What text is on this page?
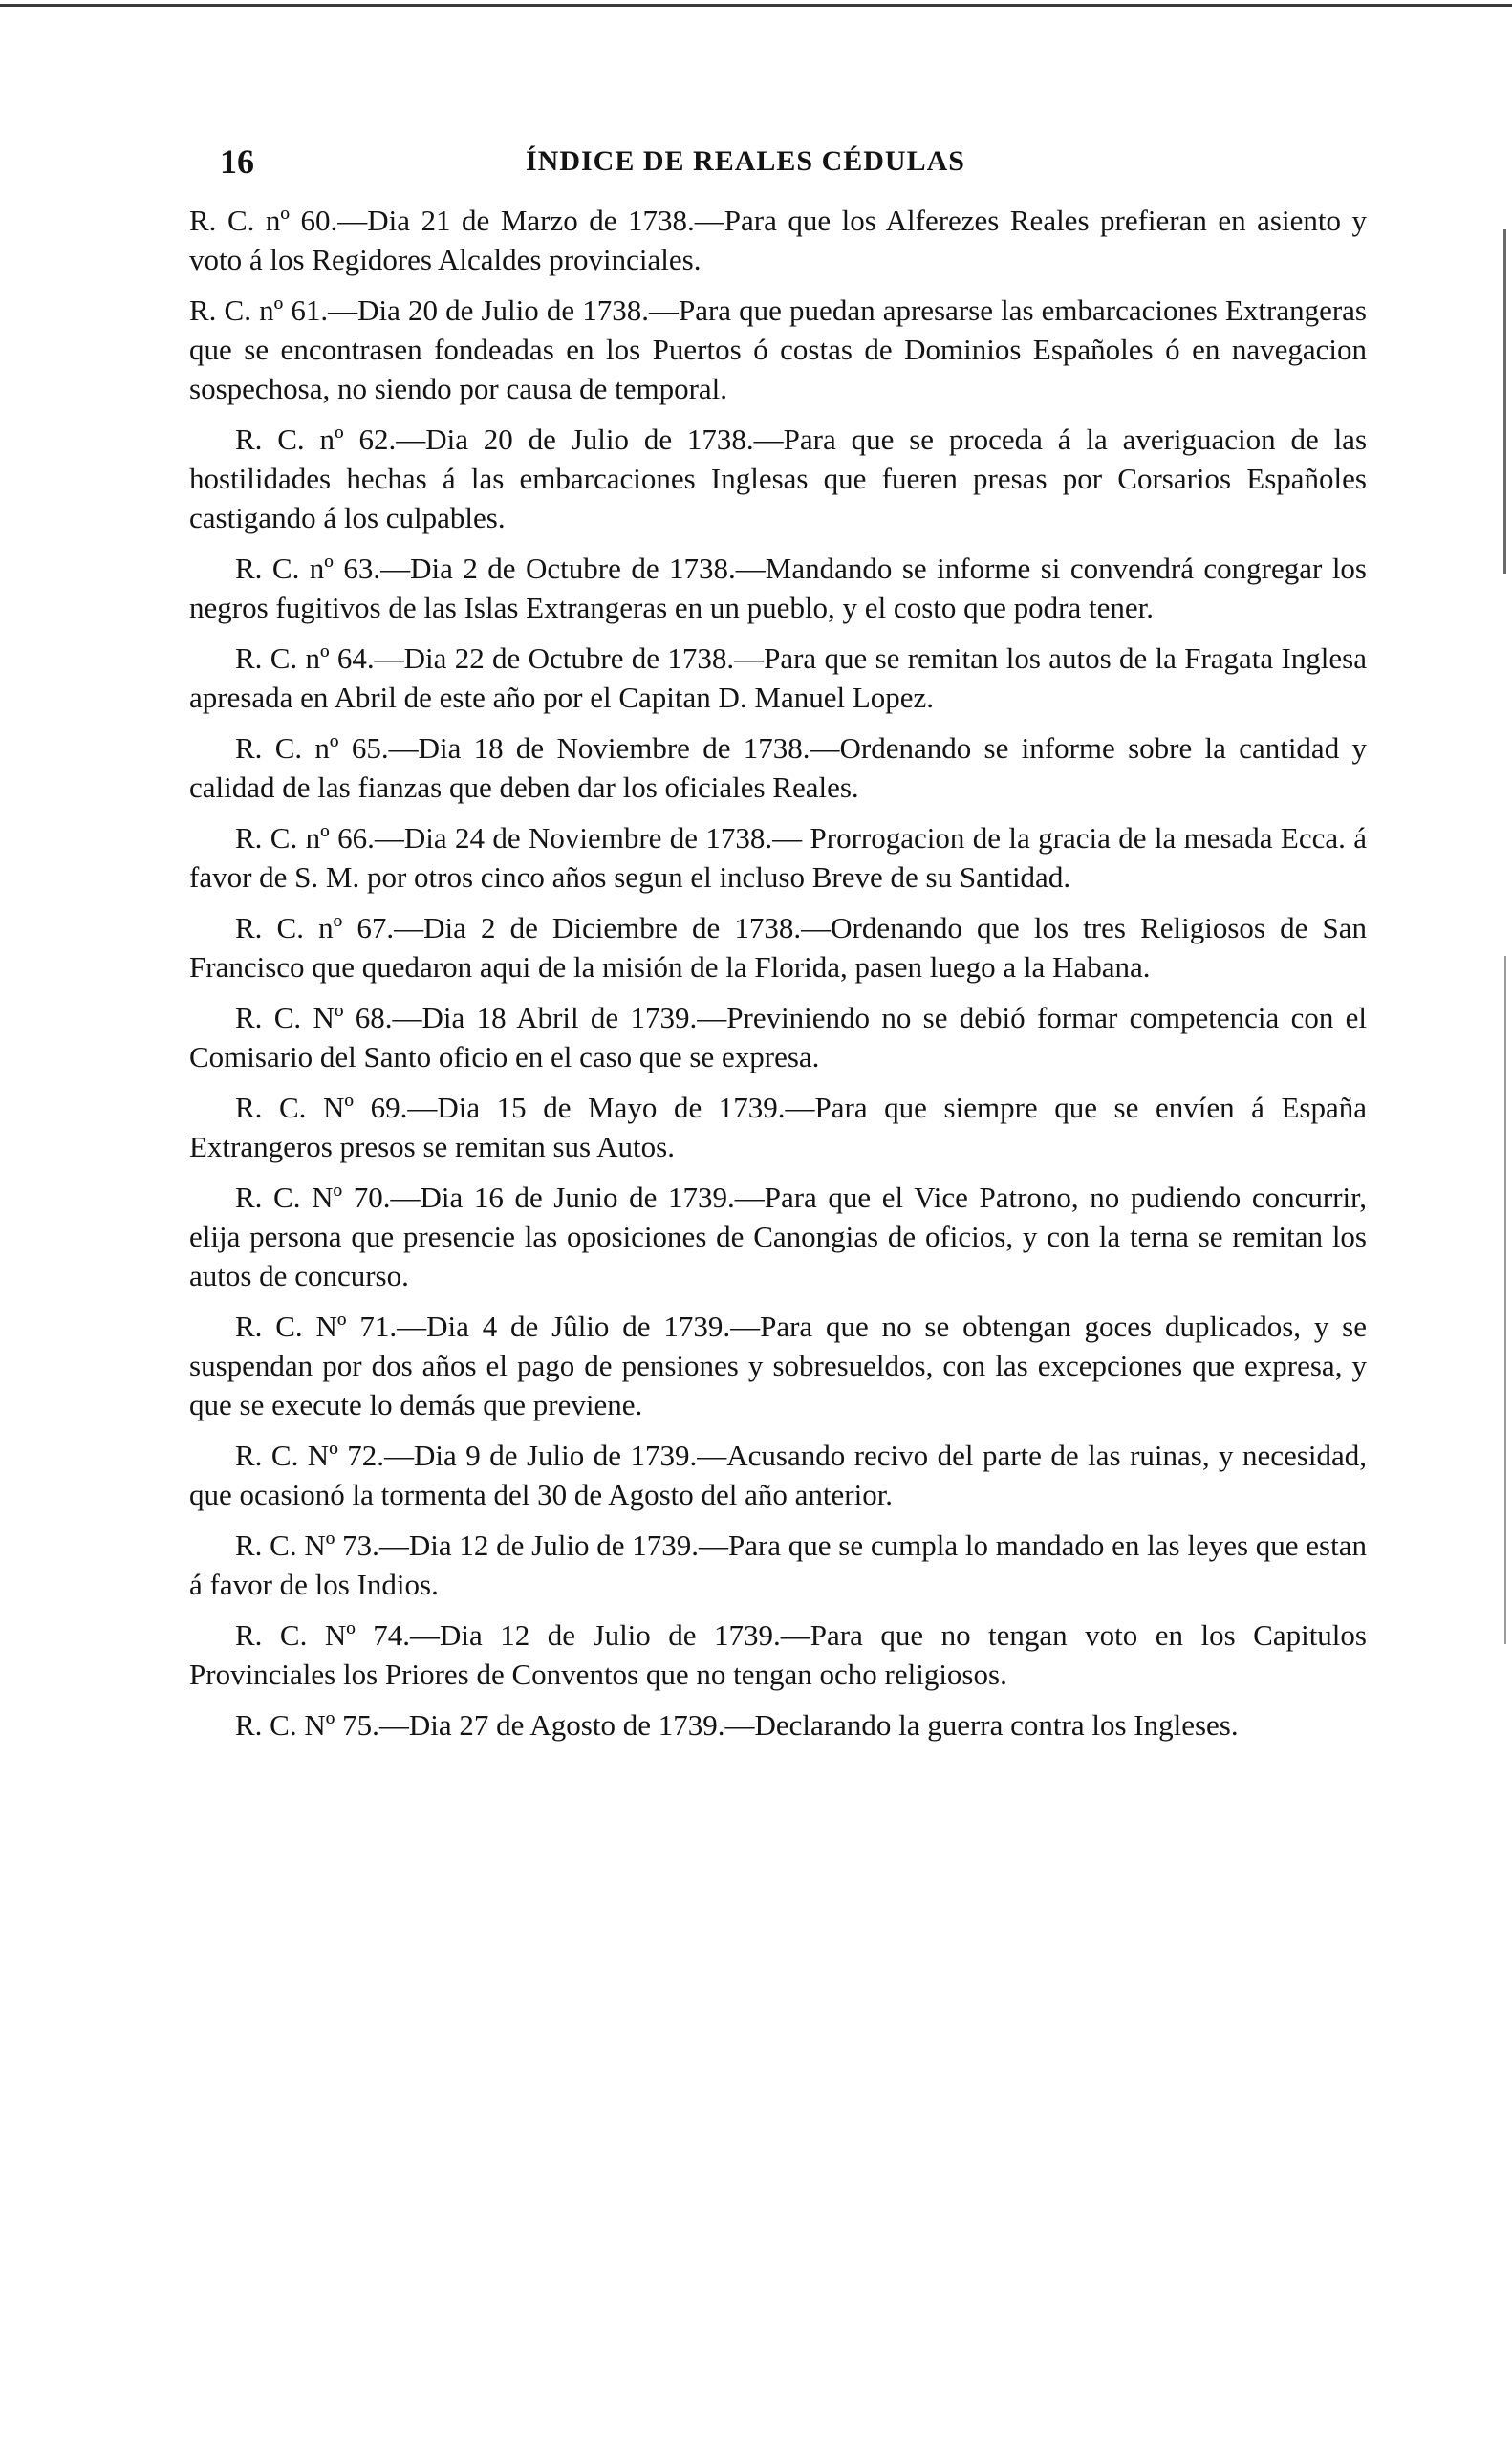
16	ÍNDICE DE REALES CÉDULAS

R. C. nº 60.—Dia 21 de Marzo de 1738.—Para que los Alferezes Reales prefieran en asiento y voto á los Regidores Alcaldes provinciales.

R. C. nº 61.—Dia 20 de Julio de 1738.—Para que puedan apresarse las embarcaciones Extrangeras que se encontrasen fondeadas en los Puertos ó costas de Dominios Españoles ó en navegacion sospechosa, no siendo por causa de temporal.

R. C. nº 62.—Dia 20 de Julio de 1738.—Para que se proceda á la averiguacion de las hostilidades hechas á las embarcaciones Inglesas que fueren presas por Corsarios Españoles castigando á los culpables.

R. C. nº 63.—Dia 2 de Octubre de 1738.—Mandando se informe si convendrá congregar los negros fugitivos de las Islas Extrangeras en un pueblo, y el costo que podra tener.

R. C. nº 64.—Dia 22 de Octubre de 1738.—Para que se remitan los autos de la Fragata Inglesa apresada en Abril de este año por el Capitan D. Manuel Lopez.

R. C. nº 65.—Dia 18 de Noviembre de 1738.—Ordenando se informe sobre la cantidad y calidad de las fianzas que deben dar los oficiales Reales.

R. C. nº 66.—Dia 24 de Noviembre de 1738.— Prorrogacion de la gracia de la mesada Ecca. á favor de S. M. por otros cinco años segun el incluso Breve de su Santidad.

R. C. nº 67.—Dia 2 de Diciembre de 1738.—Ordenando que los tres Religiosos de San Francisco que quedaron aqui de la misión de la Florida, pasen luego a la Habana.

R. C. Nº 68.—Dia 18 Abril de 1739.—Previniendo no se debió formar competencia con el Comisario del Santo oficio en el caso que se expresa.

R. C. Nº 69.—Dia 15 de Mayo de 1739.—Para que siempre que se envíen á España Extrangeros presos se remitan sus Autos.

R. C. Nº 70.—Dia 16 de Junio de 1739.—Para que el Vice Patrono, no pudiendo concurrir, elija persona que presencie las oposiciones de Canongias de oficios, y con la terna se remitan los autos de concurso.

R. C. Nº 71.—Dia 4 de Jûlio de 1739.—Para que no se obtengan goces duplicados, y se suspendan por dos años el pago de pensiones y sobresueldos, con las excepciones que expresa, y que se execute lo demás que previene.

R. C. Nº 72.—Dia 9 de Julio de 1739.—Acusando recivo del parte de las ruinas, y necesidad, que ocasionó la tormenta del 30 de Agosto del año anterior.

R. C. Nº 73.—Dia 12 de Julio de 1739.—Para que se cumpla lo mandado en las leyes que estan á favor de los Indios.

R. C. Nº 74.—Dia 12 de Julio de 1739.—Para que no tengan voto en los Capitulos Provinciales los Priores de Conventos que no tengan ocho religiosos.

R. C. Nº 75.—Dia 27 de Agosto de 1739.—Declarando la guerra contra los Ingleses.
